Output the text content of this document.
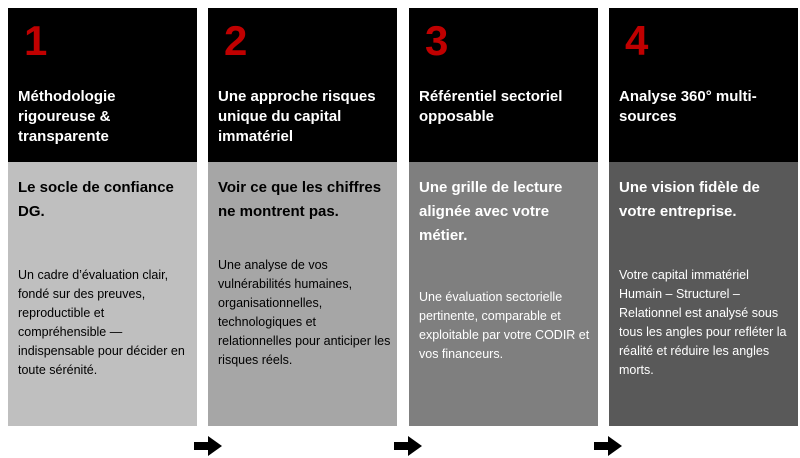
1
Méthodologie rigoureuse & transparente
Le socle de confiance DG.
Un cadre d’évaluation clair, fondé sur des preuves, reproductible et compréhensible — indispensable pour décider en toute sérénité.
2
Une approche risques unique du capital immatériel
Voir ce que les chiffres ne montrent pas.
Une analyse de vos vulnérabilités humaines, organisationnelles, technologiques et relationnelles pour anticiper les risques réels.
3
Référentiel sectoriel opposable
Une grille de lecture alignée avec votre métier.
Une évaluation sectorielle pertinente, comparable et exploitable par votre CODIR et vos financeurs.
4
Analyse 360° multi-sources
Une vision fidèle de votre entreprise.
Votre capital immatériel Humain – Structurel – Relationnel est analysé sous tous les angles pour refléter la réalité et réduire les angles morts.
